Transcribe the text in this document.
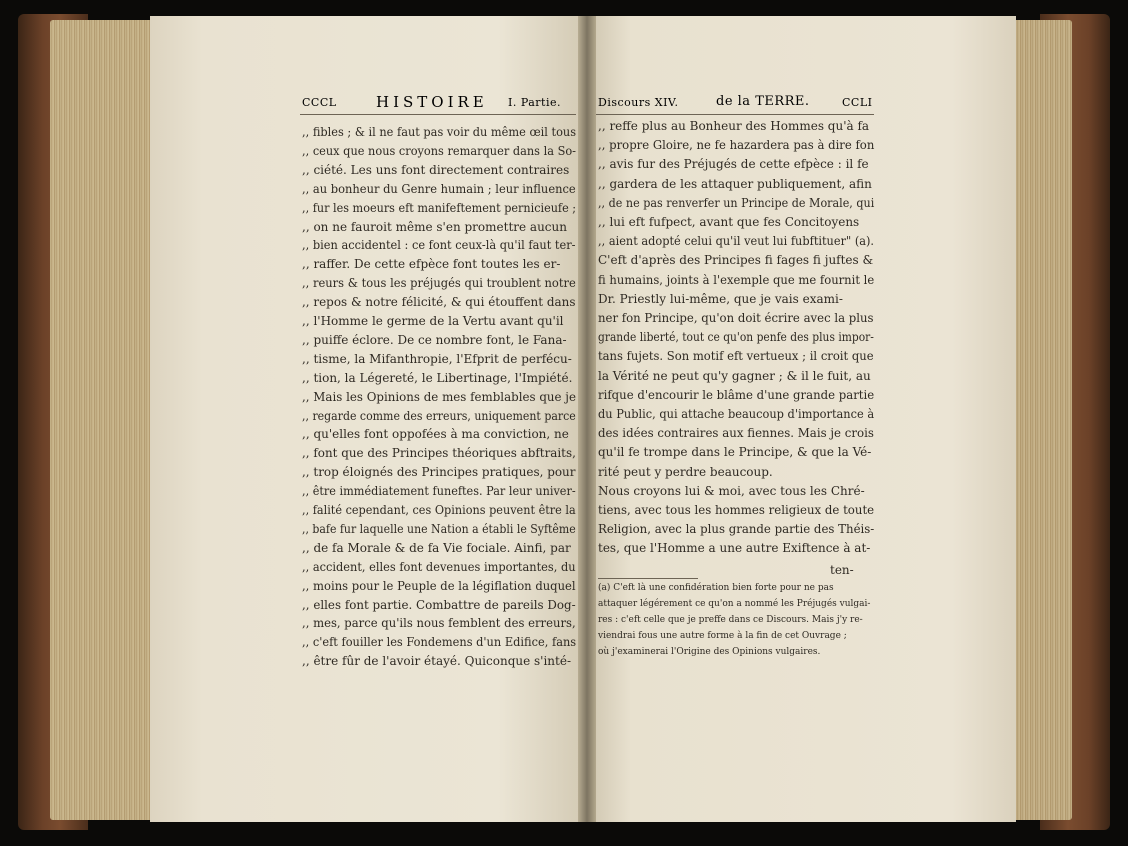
CCCL	HISTOIRE I. Partie.	Discours XIV.	de la TERRE.	CCLI
,, fibles ; & il ne faut pas voir du même œil tous
,, ceux que nous croyons remarquer dans la So-
,, ciété. Les uns font directement contraires
,, au bonheur du Genre humain ; leur influence
,, fur les moeurs eft manifeftement pernicieufe ;
,, on ne fauroit même s'en promettre aucun
,, bien accidentel : ce font ceux-là qu'il faut ter-
,, raffer. De cette efpèce font toutes les er-
,, reurs & tous les préjugés qui troublent notre
,, repos & notre félicité, & qui étouffent dans
,, l'Homme le germe de la Vertu avant qu'il
,, puiffe éclore. De ce nombre font, le Fana-
,, tisme, la Mifanthropie, l'Efprit de perfécu-
,, tion, la Légereté, le Libertinage, l'Impiété.
,, Mais les Opinions de mes femblables que je
,, regarde comme des erreurs, uniquement parce
,, qu'elles font oppofées à ma conviction, ne
,, font que des Principes théoriques abftraits,
,, trop éloignés des Principes pratiques, pour
,, être immédiatement funeftes. Par leur univer-
,, falité cependant, ces Opinions peuvent être la
,, bafe fur laquelle une Nation a établi le Syftême
,, de fa Morale & de fa Vie fociale. Ainfi, par
,, accident, elles font devenues importantes, du
,, moins pour le Peuple de la légiflation duquel
,, elles font partie. Combattre de pareils Dog-
,, mes, parce qu'ils nous femblent des erreurs,
,, c'eft fouiller les Fondemens d'un Edifice, fans
,, être fûr de l'avoir étayé. Quiconque s'inté-
,, reffe plus au Bonheur des Hommes qu'à fa
,, propre Gloire, ne fe hazardera pas à dire fon
,, avis fur des Préjugés de cette efpèce : il fe
,, gardera de les attaquer publiquement, afin
,, de ne pas renverfer un Principe de Morale, qui
,, lui eft fufpect, avant que fes Concitoyens
,, aient adopté celui qu'il veut lui fubftituer" (a).
C'eft d'après des Principes fi fages fi juftes &
fi humains, joints à l'exemple que me fournit le
Dr. Priestly lui-même, que je vais exami-
ner fon Principe, qu'on doit écrire avec la plus
grande liberté, tout ce qu'on penfe des plus impor-
tans fujets. Son motif eft vertueux ; il croit que
la Vérité ne peut qu'y gagner ; & il le fuit, au
rifque d'encourir le blâme d'une grande partie
du Public, qui attache beaucoup d'importance à
des idées contraires aux fiennes. Mais je crois
qu'il fe trompe dans le Principe, & que la Vé-
rité peut y perdre beaucoup.
Nous croyons lui & moi, avec tous les Chré-
tiens, avec tous les hommes religieux de toute
Religion, avec la plus grande partie des Théis-
tes, que l'Homme a une autre Exiftence à at-
ten-
(a) C'eft là une confidération bien forte pour ne pas
attaquer légérement ce qu'on a nommé les Préjugés vulgai-
res : c'eft celle que je preffe dans ce Discours. Mais j'y re-
viendrai fous une autre forme à la fin de cet Ouvrage ;
où j'examinerai l'Origine des Opinions vulgaires.
